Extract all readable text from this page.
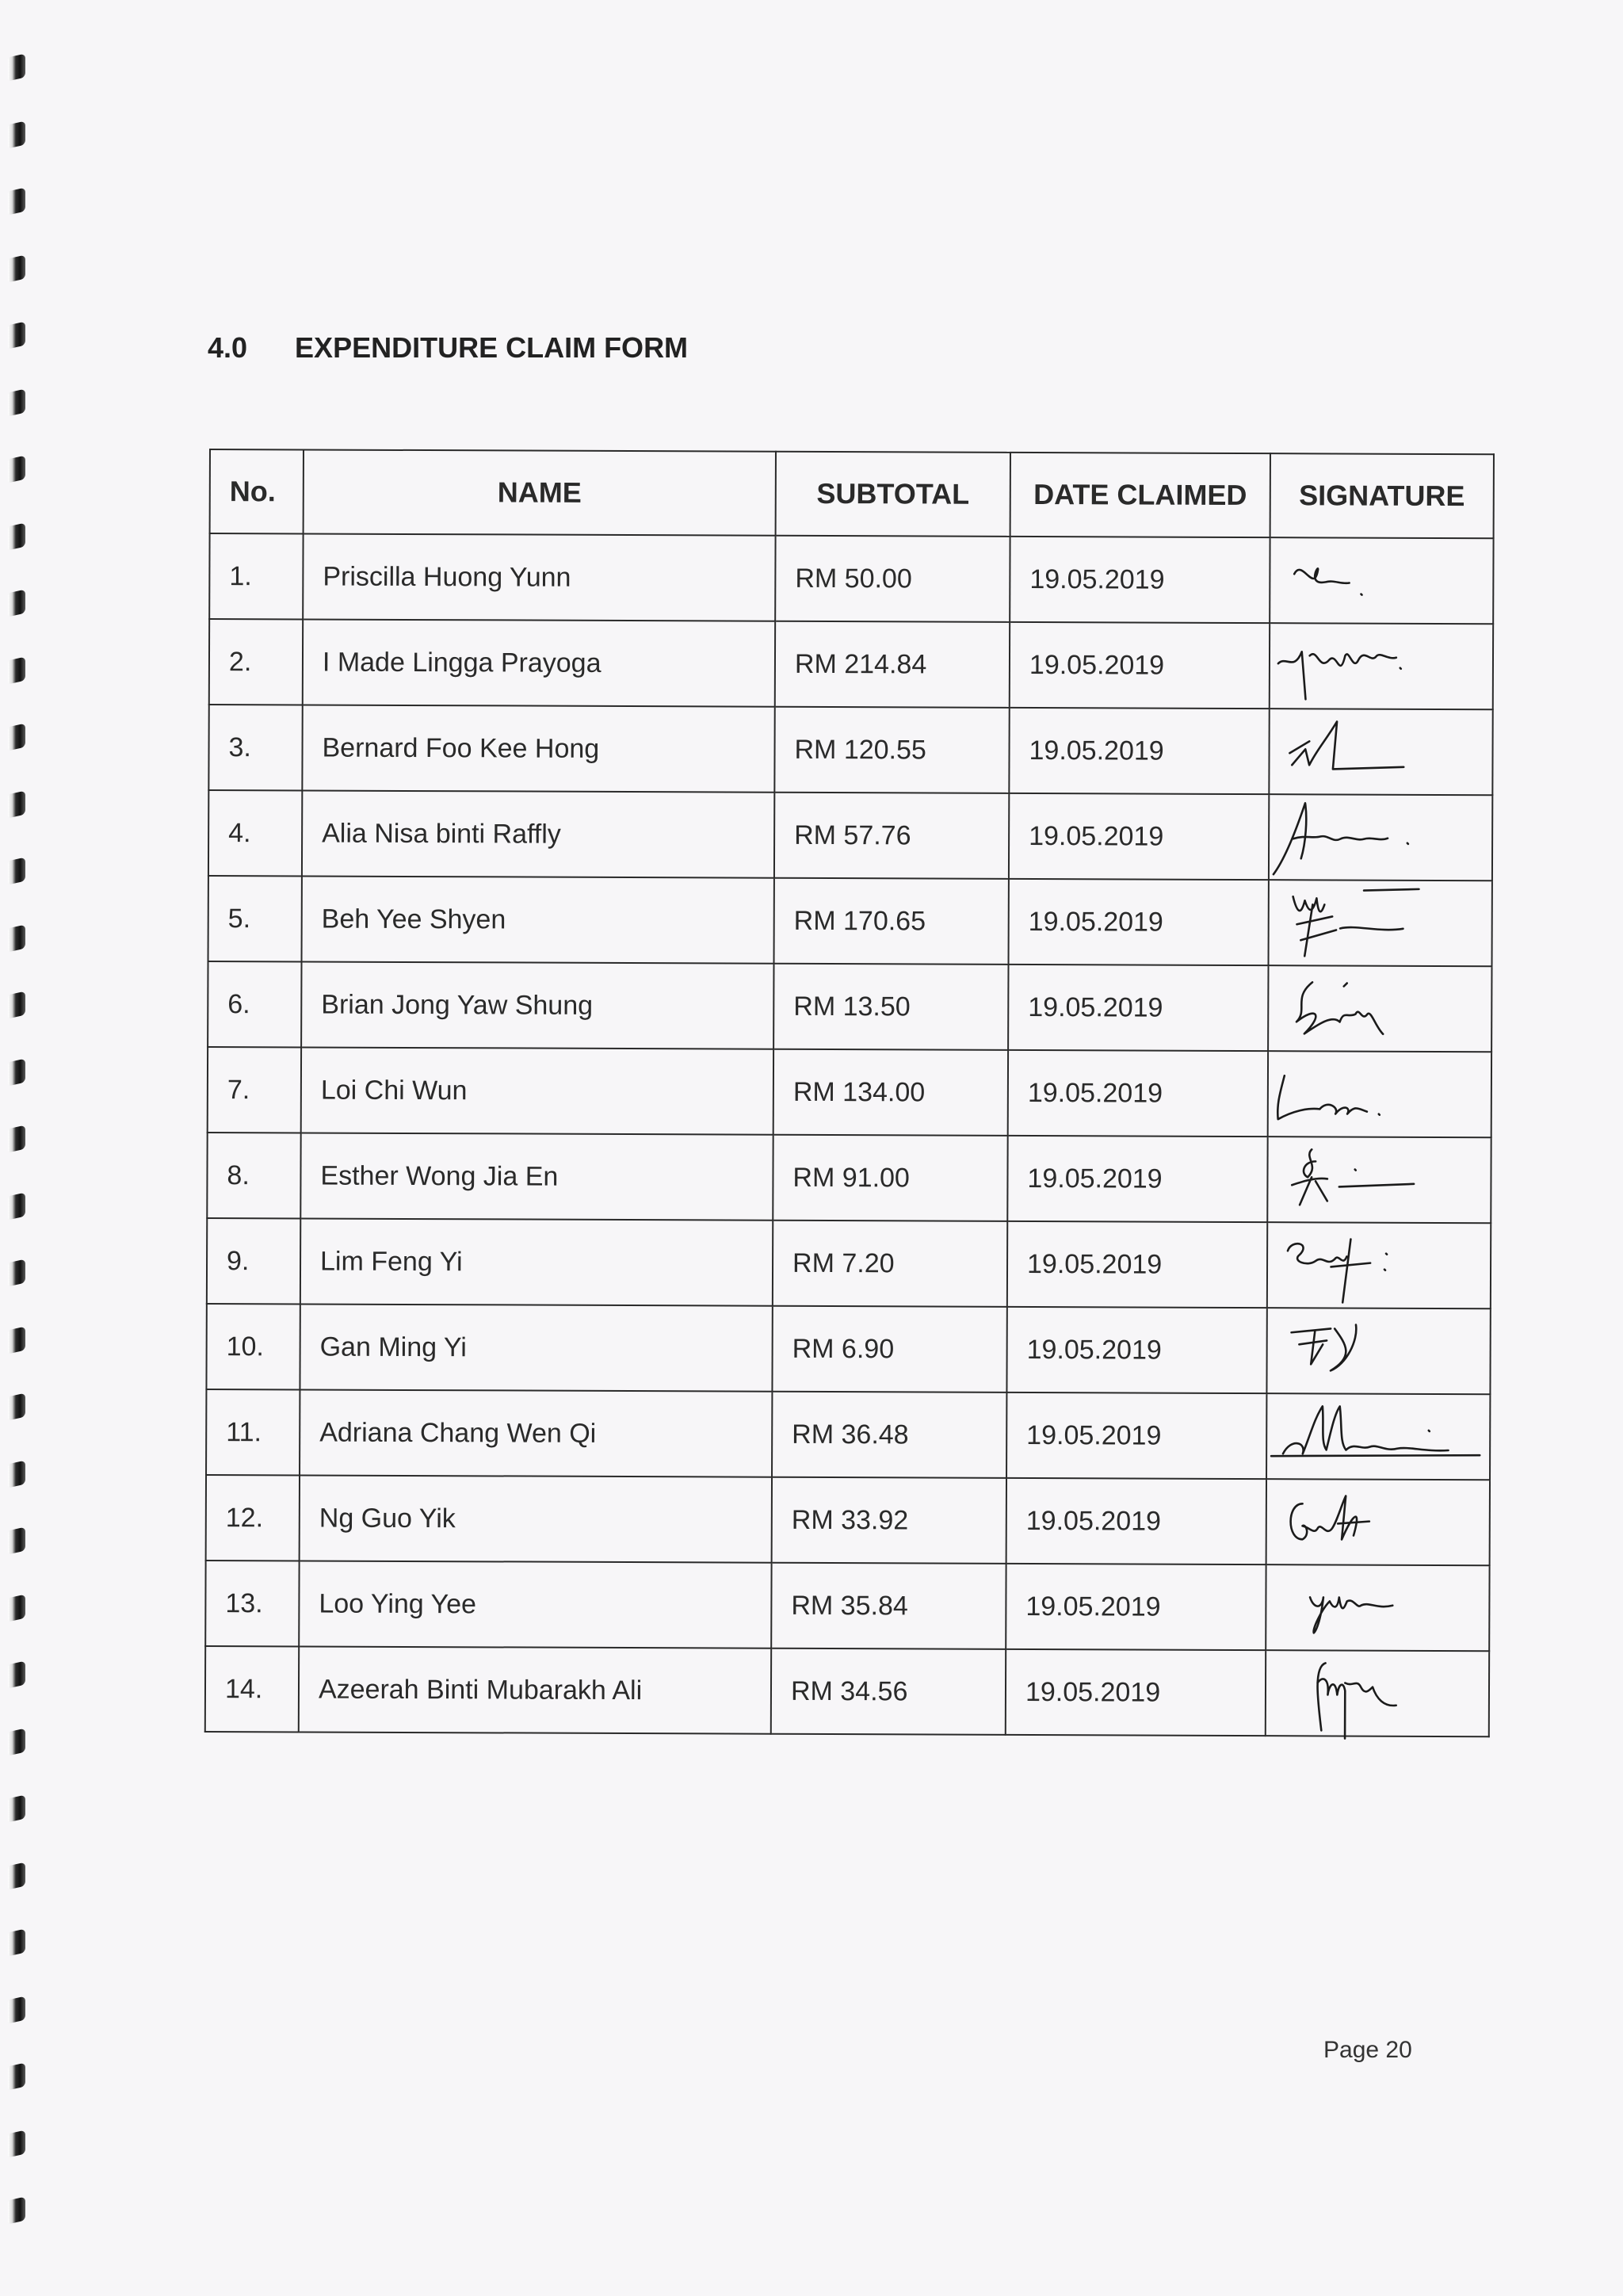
4.0 EXPENDITURE CLAIM FORM
No.	NAME	SUBTOTAL	DATE CLAIMED	SIGNATURE
1.	Priscilla Huong Yunn	RM 50.00	19.05.2019	

2.	I Made Lingga Prayoga	RM 214.84	19.05.2019	

3.	Bernard Foo Kee Hong	RM 120.55	19.05.2019	

4.	Alia Nisa binti Raffly	RM 57.76	19.05.2019	

5.	Beh Yee Shyen	RM 170.65	19.05.2019	

6.	Brian Jong Yaw Shung	RM 13.50	19.05.2019	

7.	Loi Chi Wun	RM 134.00	19.05.2019	

8.	Esther Wong Jia En	RM 91.00	19.05.2019	

9.	Lim Feng Yi	RM 7.20	19.05.2019	

10.	Gan Ming Yi	RM 6.90	19.05.2019	

11.	Adriana Chang Wen Qi	RM 36.48	19.05.2019	

12.	Ng Guo Yik	RM 33.92	19.05.2019	

13.	Loo Ying Yee	RM 35.84	19.05.2019	

14.	Azeerah Binti Mubarakh Ali	RM 34.56	19.05.2019	
Page 20
